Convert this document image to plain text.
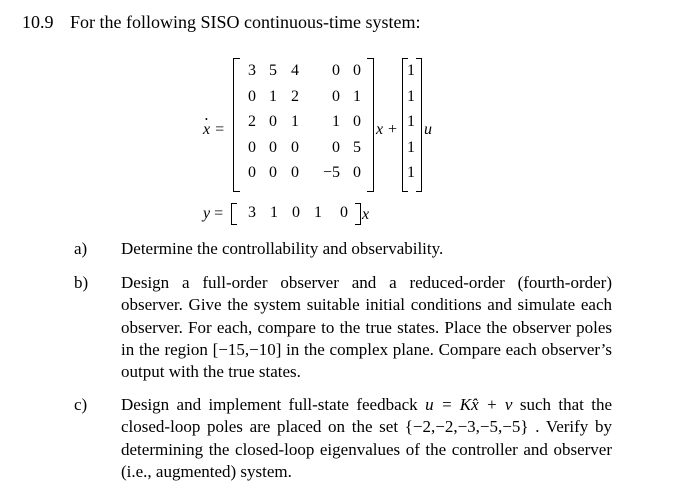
10.9 For the following SISO continuous-time system:
x • =
3 5 4	0 0
0 1 2	0 1
2 0 1	1 0
0 0 0	0 5
0 0 0	−5 0
x +
1
1
1
1
1
u
y =	3 1 0 1	0 x
a) Determine the controllability and observability.
b) Design a full-order observer and a reduced-order (fourth-order) observer. Give the system suitable initial conditions and simulate each observer. For each, compare to the true states. Place the observer poles in the region [−15,−10] in the complex plane. Compare each observer’s output with the true states.
c) Design and implement full-state feedback u = Kx̂ + v such that the closed-loop poles are placed on the set {−2,−2,−3,−5,−5} . Verify by determining the closed-loop eigenvalues of the controller and observer (i.e., augmented) system.
